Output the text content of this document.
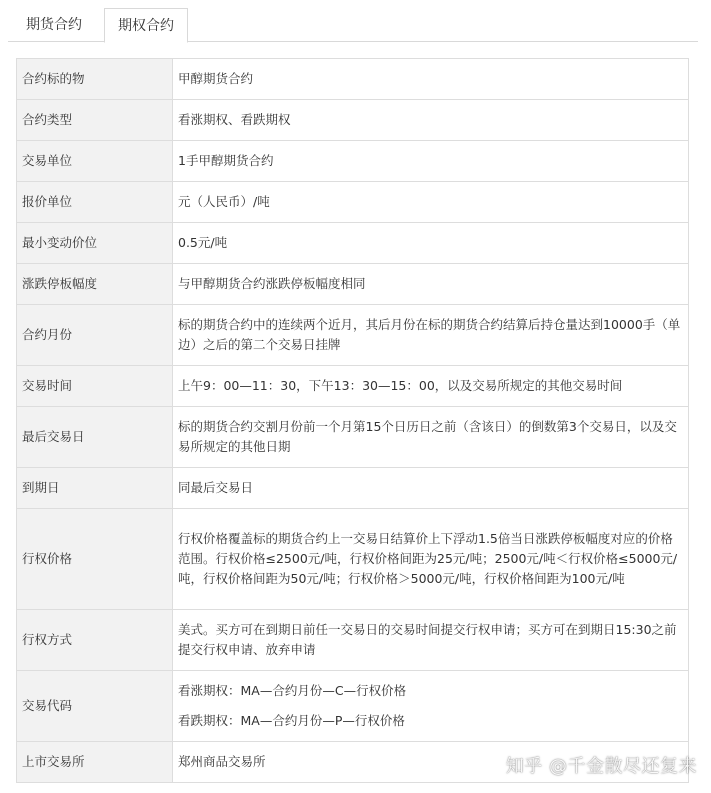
期货合约	期权合约
合约标的物	甲醇期货合约
合约类型	看涨期权、看跌期权
交易单位	1手甲醇期货合约
报价单位	元（人民币）/吨
最小变动价位	0.5元/吨
涨跌停板幅度	与甲醇期货合约涨跌停板幅度相同
合约月份	标的期货合约中的连续两个近月，其后月份在标的期货合约结算后持仓量达到10000手（单边）之后的第二个交易日挂牌
交易时间	上午9：00—11：30，下午13：30—15：00，以及交易所规定的其他交易时间
最后交易日	标的期货合约交割月份前一个月第15个日历日之前（含该日）的倒数第3个交易日，以及交易所规定的其他日期
到期日	同最后交易日
行权价格	行权价格覆盖标的期货合约上一交易日结算价上下浮动1.5倍当日涨跌停板幅度对应的价格范围。行权价格≤2500元/吨，行权价格间距为25元/吨；2500元/吨＜行权价格≤5000元/吨，行权价格间距为50元/吨；行权价格＞5000元/吨，行权价格间距为100元/吨
行权方式	美式。买方可在到期日前任一交易日的交易时间提交行权申请；买方可在到期日15:30之前提交行权申请、放弃申请
交易代码	看涨期权：MA—合约月份—C—行权价格
看跌期权：MA—合约月份—P—行权价格

上市交易所	郑州商品交易所	知乎 @千金散尽还复来
